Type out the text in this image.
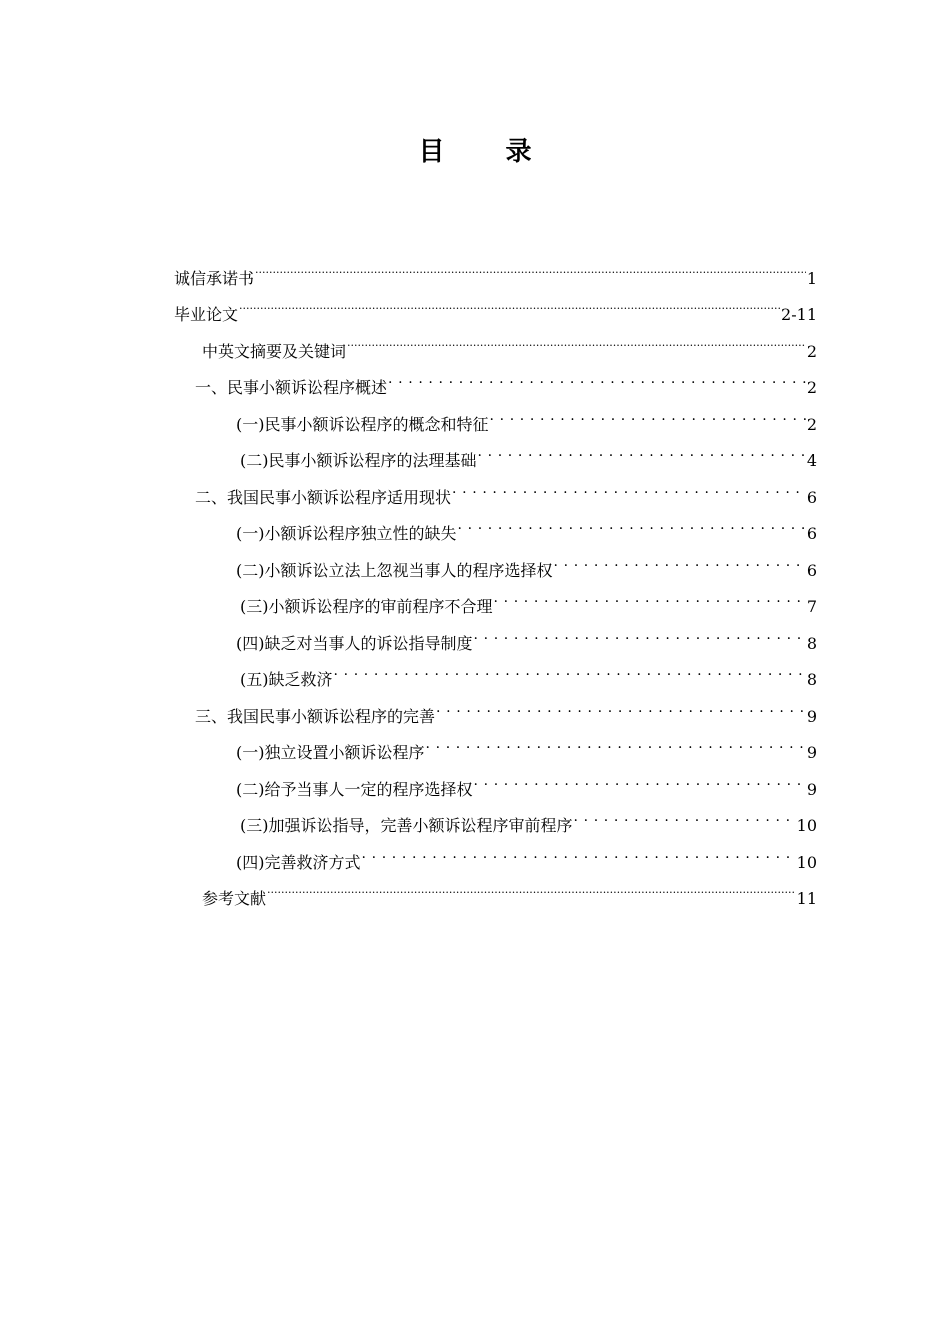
目 录
诚信承诺书 .....	1
毕业论文 .....	2-11
中英文摘要及关键词 .....	2
一、民事小额诉讼程序概述 . . .	2
(一)民事小额诉讼程序的概念和特征 . . .	2
(二)民事小额诉讼程序的法理基础 . . .	4
二、我国民事小额诉讼程序适用现状 . . .	6
(一)小额诉讼程序独立性的缺失 . . .	6
(二)小额诉讼立法上忽视当事人的程序选择权 . . .	6
(三)小额诉讼程序的审前程序不合理 . . .	7
(四)缺乏对当事人的诉讼指导制度 . . .	8
(五)缺乏救济 . . .	8
三、我国民事小额诉讼程序的完善 . . .	9
(一)独立设置小额诉讼程序 . . .	9
(二)给予当事人一定的程序选择权 . . .	9
(三)加强诉讼指导，完善小额诉讼程序审前程序 . . .	10
(四)完善救济方式 . . .	10
参考文献 .....	11
